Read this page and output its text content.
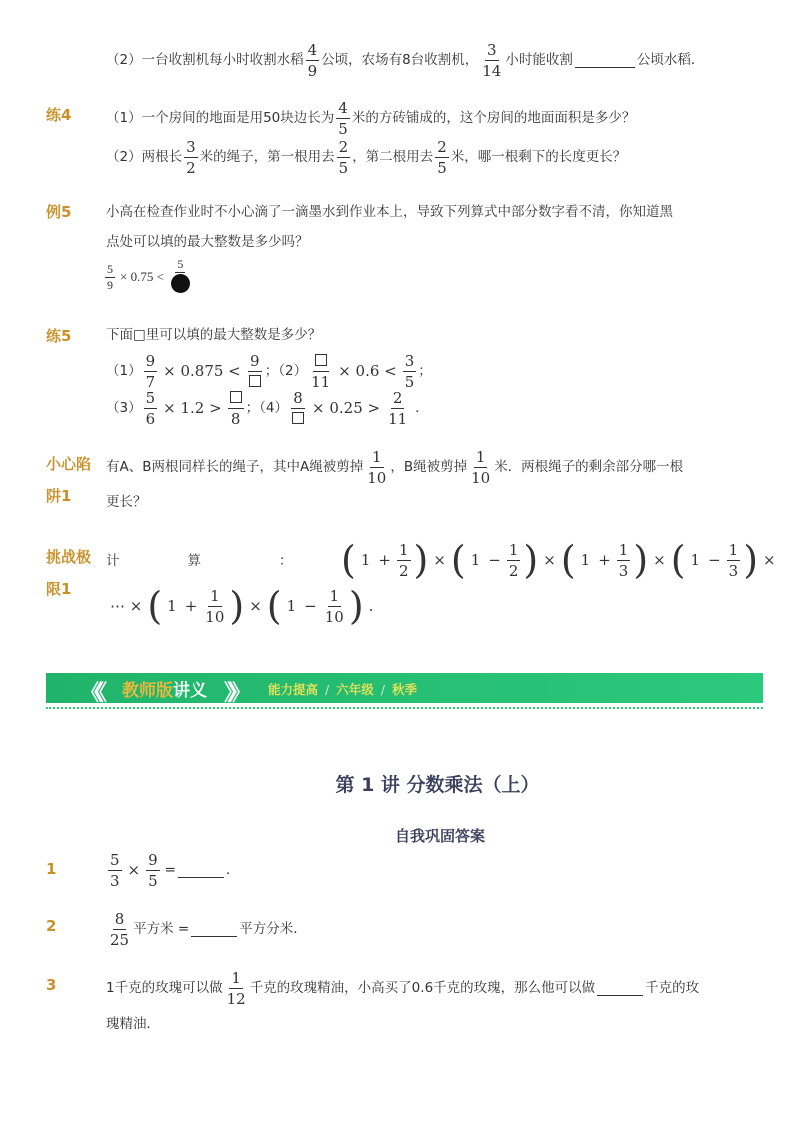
（2）一台收割机每小时收割水稻 $\frac{4}{9}$ 公顷，农场有8台收割机， $\frac{3}{14}$ 小时能收割	公顷水稻．
练4	（1）一个房间的地面是用50块边长为 $\frac{4}{5}$ 米的方砖铺成的，这个房间的地面面积是多少？
（2）两根长 $\frac{3}{2}$ 米的绳子，第一根用去 $\frac{2}{5}$ ，第二根用去 $\frac{2}{5}$ 米，哪一根剩下的长度更长？
例5	小高在检查作业时不小心滴了一滴墨水到作业本上，导致下列算式中部分数字看不清，你知道黑
点处可以填的最大整数是多少吗？
$\frac{5}{9} \times 0.75$ <
5
练5	下面□里可以填的最大整数是多少？
$(1) \frac{9}{7} \times 0.875$ <
9
；（2）
11
× $0.6 < \frac{3}{5}$ ；
$(3) \frac{5}{6} \times 1.2$ >
8
；（4）
8
× $0.25 > \frac{2}{11}$ ．
小心陷
阱1
有A、B两根同样长的绳子，其中A绳被剪掉 $\frac{1}{10}$ ，B绳被剪掉 $\frac{1}{10}$ 米．两根绳子的剩余部分哪一根
更长？
挑战极
限1
计	算	： ( $1 + \frac{1}{2}$ ) × ( $1 - \frac{1}{2}$ ) × ( $1 + \frac{1}{3}$ ) × ( $1 - \frac{1}{3}$ ) ×
⋯ × ( $1 + \frac{1}{10}$ ) × ( $1 - \frac{1}{10}$ ) .
《《 教师版讲义 》》 能力提高 / 六年级 / 秋季
第 1 讲 分数乘法（上）
自我巩固答案
1	$\frac{5}{3} \times \frac{9}{5}$ =	．
2	$\frac{8}{25}$ 平方米 =	平方分米．
3	1千克的玫瑰可以做 $\frac{1}{12}$ 千克的玫瑰精油，小高买了0.6千克的玫瑰，那么他可以做	千克的玫
瑰精油．
